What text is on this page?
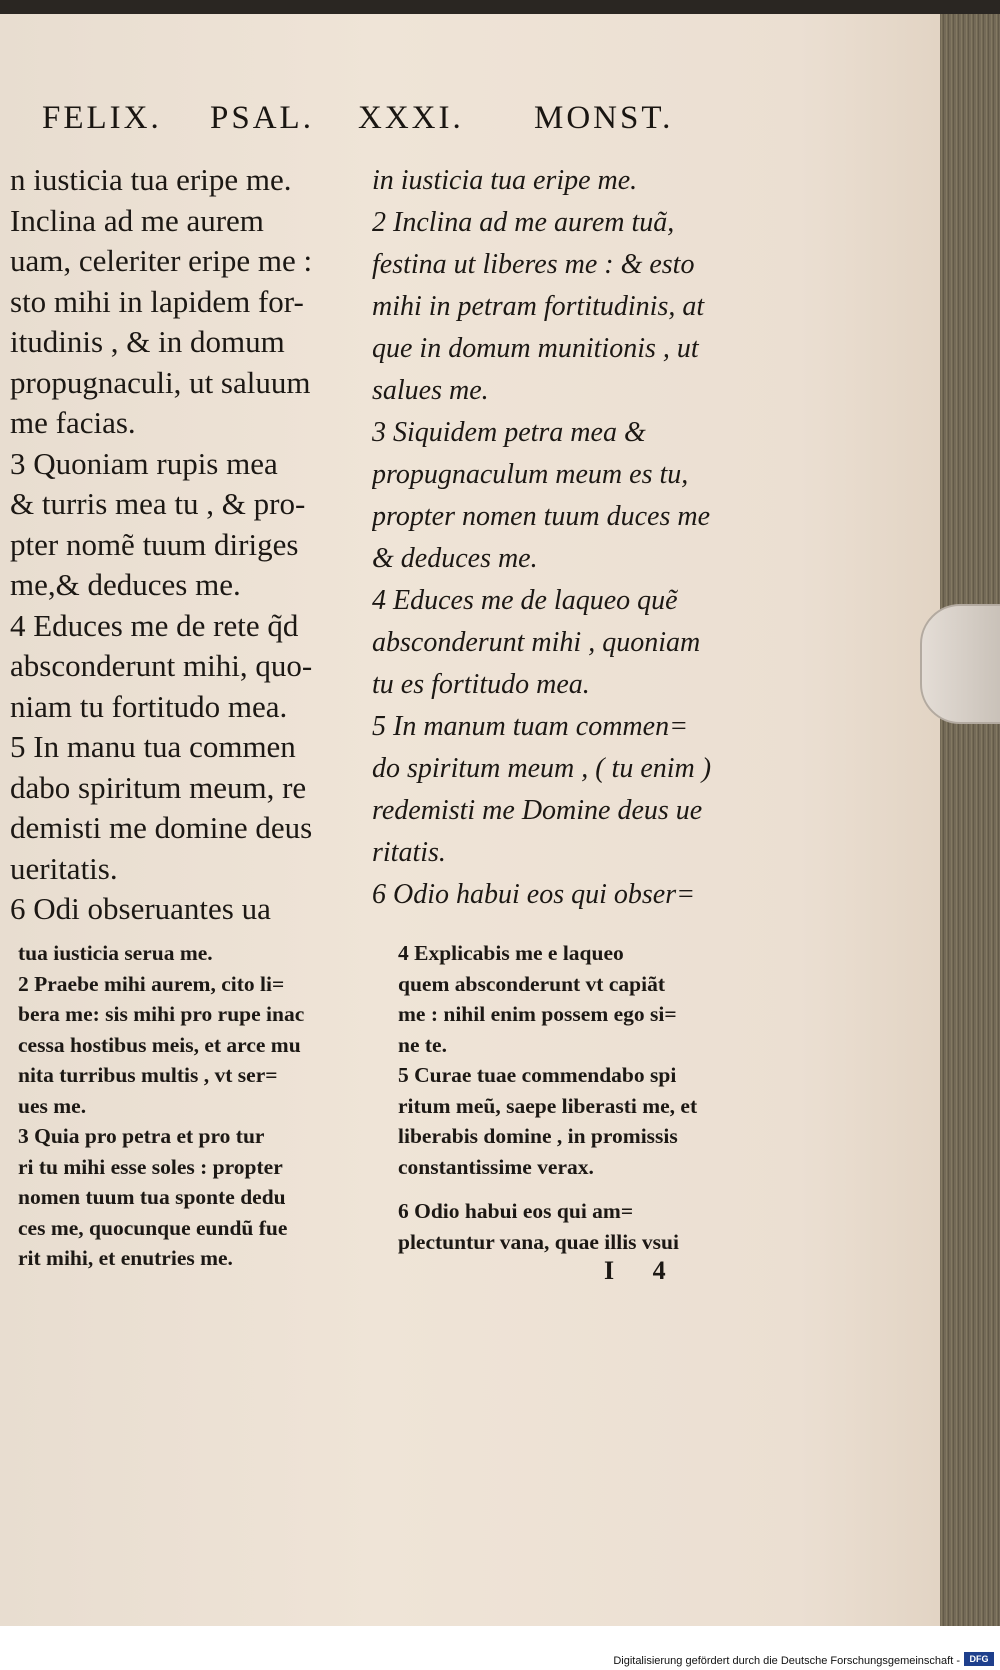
FELIX. PSAL. XXXI. MONST.
n iusticia tua eripe me.
Inclina ad me aurem
uam, celeriter eripe me :
sto mihi in lapidem for-
itudinis , & in domum
propugnaculi, ut saluum
me facias.
3 Quoniam rupis mea
& turris mea tu , & pro-
pter nomẽ tuum diriges
me,& deduces me.
4 Educes me de rete q̃d
absconderunt mihi, quo-
niam tu fortitudo mea.
5 In manu tua commen
dabo spiritum meum, re
demisti me domine deus
ueritatis.
6 Odi obseruantes ua
in iusticia tua eripe me.
2 Inclina ad me aurem tuã,
festina ut liberes me : & esto
mihi in petram fortitudinis, at
que in domum munitionis , ut
salues me.
3 Siquidem petra mea &
propugnaculum meum es tu,
propter nomen tuum duces me
& deduces me.
4 Educes me de laqueo quẽ
absconderunt mihi , quoniam
tu es fortitudo mea.
5 In manum tuam commen=
do spiritum meum , ( tu enim )
redemisti me Domine deus ue
ritatis.
6 Odio habui eos qui obser=
tua iusticia serua me.
2 Praebe mihi aurem, cito li=
bera me: sis mihi pro rupe inac
cessa hostibus meis, et arce mu
nita turribus multis , vt ser=
ues me.
3 Quia pro petra et pro tur
ri tu mihi esse soles : propter
nomen tuum tua sponte dedu
ces me, quocunque eundũ fue
rit mihi, et enutries me.
4 Explicabis me e laqueo
quem absconderunt vt capiãt
me : nihil enim possem ego si=
ne te.
5 Curae tuae commendabo spi
ritum meũ, saepe liberasti me, et
liberabis domine , in promissis
constantissime verax.
6 Odio habui eos qui am=
plectuntur vana, quae illis vsui
I 4
Digitalisierung gefördert durch die Deutsche Forschungsgemeinschaft -	DFG
